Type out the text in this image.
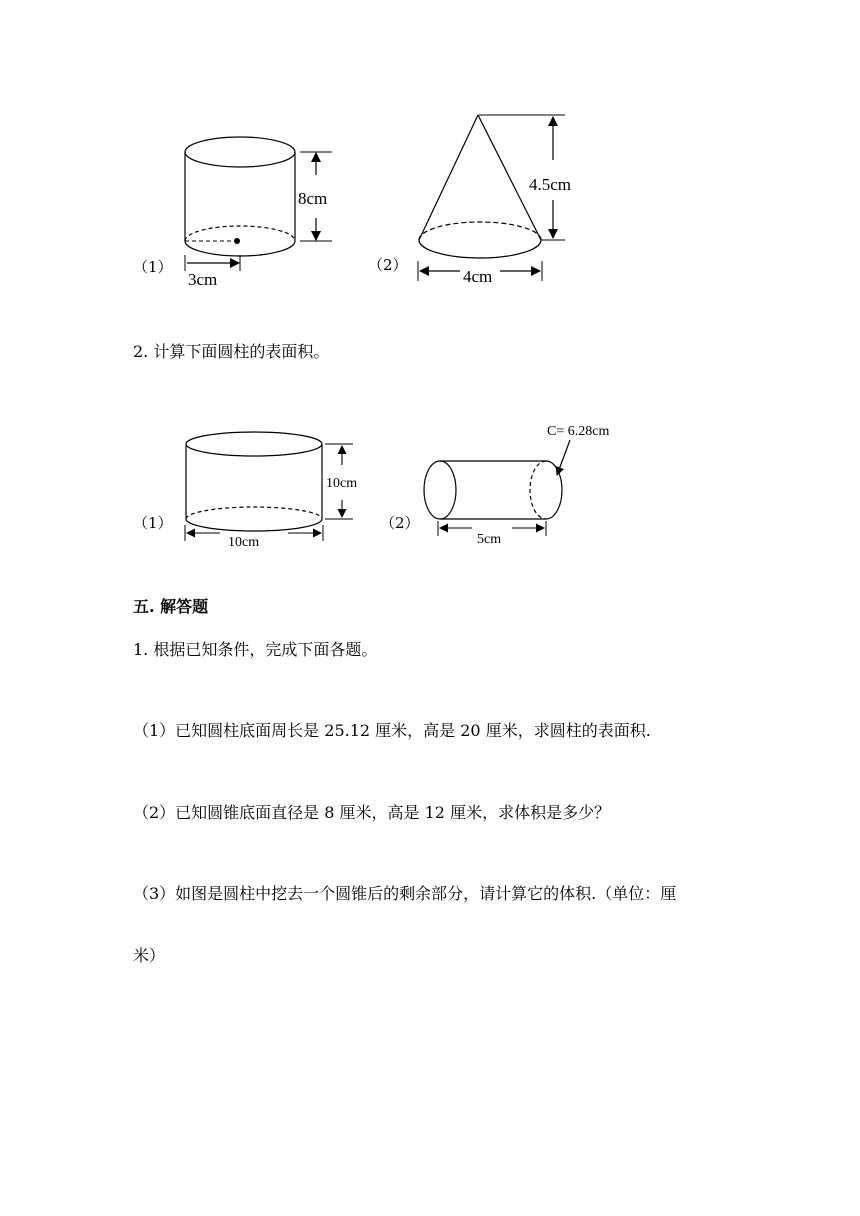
（1）	（2）
8cm
3cm
4.5cm
4cm
2. 计算下面圆柱的表面积。
（1）	（2）
10cm
10cm
C= 6.28cm
5cm
五. 解答题
1. 根据已知条件，完成下面各题。
（1）已知圆柱底面周长是 25.12 厘米，高是 20 厘米，求圆柱的表面积.
（2）已知圆锥底面直径是 8 厘米，高是 12 厘米，求体积是多少？
（3）如图是圆柱中挖去一个圆锥后的剩余部分，请计算它的体积.（单位：厘
米）
